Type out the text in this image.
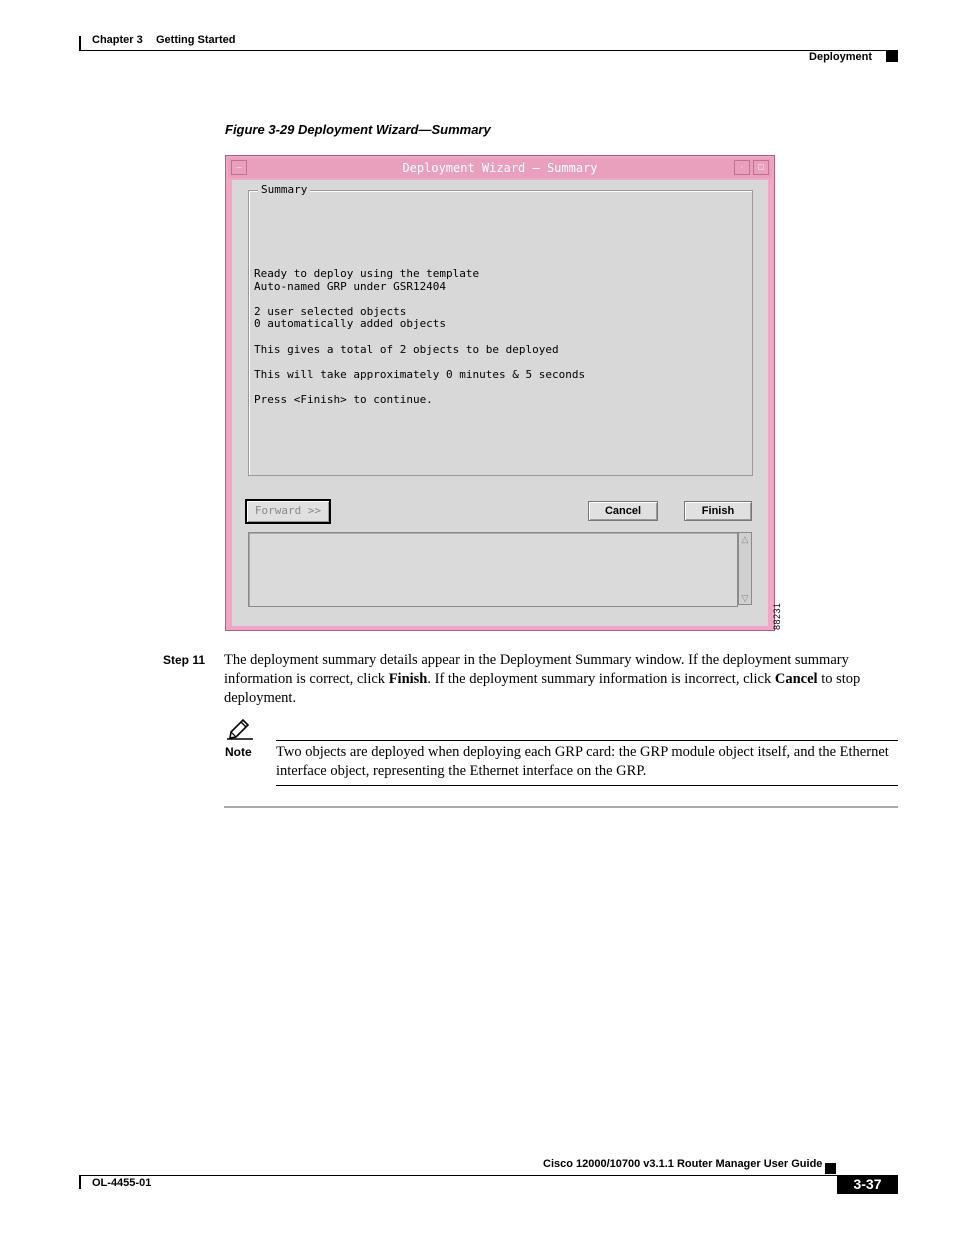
Chapter 3 Getting Started
Deployment
Figure 3-29 Deployment Wizard—Summary
–	Deployment Wizard — Summary	·	□
Summary
Ready to deploy using the template
Auto-named GRP under GSR12404

2 user selected objects
0 automatically added objects

This gives a total of 2 objects to be deployed

This will take approximately 0 minutes & 5 seconds

Press <Finish> to continue.
Forward >>	Cancel	Finish
△
▽
88231
Step 11 The deployment summary details appear in the Deployment Summary window. If the deployment summary information is correct, click Finish. If the deployment summary information is incorrect, click Cancel to stop deployment.
Note Two objects are deployed when deploying each GRP card: the GRP module object itself, and the Ethernet interface object, representing the Ethernet interface on the GRP.
Cisco 12000/10700 v3.1.1 Router Manager User Guide
OL-4455-01	3-37
